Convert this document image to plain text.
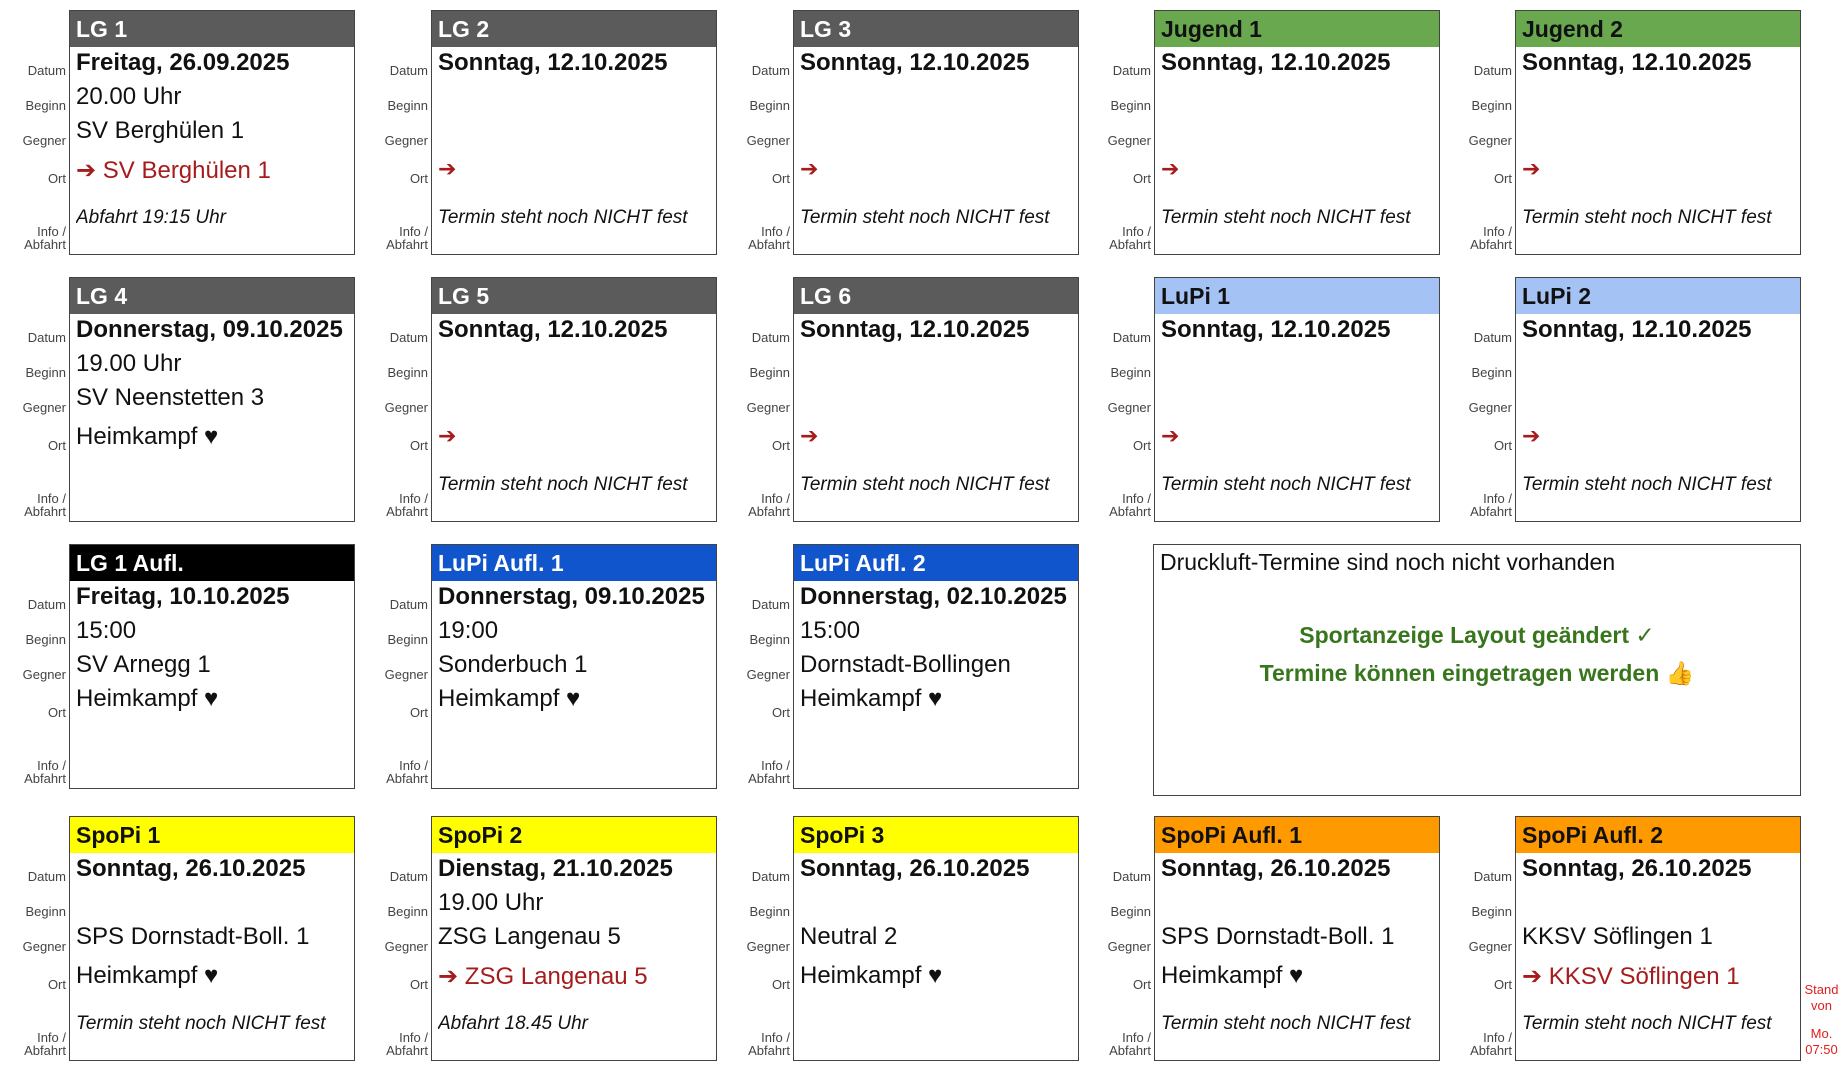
Datum
Beginn
Gegner
Ort
Info /
Abfahrt
LG 1
Freitag, 26.09.2025
20.00 Uhr
SV Berghülen 1
➔ SV Berghülen 1
Abfahrt 19:15 Uhr
Datum
Beginn
Gegner
Ort
Info /
Abfahrt
LG 2
Sonntag, 12.10.2025
➔
Termin steht noch NICHT fest
Datum
Beginn
Gegner
Ort
Info /
Abfahrt
LG 3
Sonntag, 12.10.2025
➔
Termin steht noch NICHT fest
Datum
Beginn
Gegner
Ort
Info /
Abfahrt
Jugend 1
Sonntag, 12.10.2025
➔
Termin steht noch NICHT fest
Datum
Beginn
Gegner
Ort
Info /
Abfahrt
Jugend 2
Sonntag, 12.10.2025
➔
Termin steht noch NICHT fest
Datum
Beginn
Gegner
Ort
Info /
Abfahrt
LG 4
Donnerstag, 09.10.2025
19.00 Uhr
SV Neenstetten 3
Heimkampf ♥
Datum
Beginn
Gegner
Ort
Info /
Abfahrt
LG 5
Sonntag, 12.10.2025
➔
Termin steht noch NICHT fest
Datum
Beginn
Gegner
Ort
Info /
Abfahrt
LG 6
Sonntag, 12.10.2025
➔
Termin steht noch NICHT fest
Datum
Beginn
Gegner
Ort
Info /
Abfahrt
LuPi 1
Sonntag, 12.10.2025
➔
Termin steht noch NICHT fest
Datum
Beginn
Gegner
Ort
Info /
Abfahrt
LuPi 2
Sonntag, 12.10.2025
➔
Termin steht noch NICHT fest
Datum
Beginn
Gegner
Ort
Info /
Abfahrt
LG 1 Aufl.
Freitag, 10.10.2025
15:00
SV Arnegg 1
Heimkampf ♥
Datum
Beginn
Gegner
Ort
Info /
Abfahrt
LuPi Aufl. 1
Donnerstag, 09.10.2025
19:00
Sonderbuch 1
Heimkampf ♥
Datum
Beginn
Gegner
Ort
Info /
Abfahrt
LuPi Aufl. 2
Donnerstag, 02.10.2025
15:00
Dornstadt-Bollingen
Heimkampf ♥
Druckluft-Termine sind noch nicht vorhanden
Sportanzeige Layout geändert ✓
Termine können eingetragen werden 👍
Datum
Beginn
Gegner
Ort
Info /
Abfahrt
SpoPi 1
Sonntag, 26.10.2025
SPS Dornstadt-Boll. 1
Heimkampf ♥
Termin steht noch NICHT fest
Datum
Beginn
Gegner
Ort
Info /
Abfahrt
SpoPi 2
Dienstag, 21.10.2025
19.00 Uhr
ZSG Langenau 5
➔ ZSG Langenau 5
Abfahrt 18.45 Uhr
Datum
Beginn
Gegner
Ort
Info /
Abfahrt
SpoPi 3
Sonntag, 26.10.2025
Neutral 2
Heimkampf ♥
Datum
Beginn
Gegner
Ort
Info /
Abfahrt
SpoPi Aufl. 1
Sonntag, 26.10.2025
SPS Dornstadt-Boll. 1
Heimkampf ♥
Termin steht noch NICHT fest
Datum
Beginn
Gegner
Ort
Info /
Abfahrt
SpoPi Aufl. 2
Sonntag, 26.10.2025
KKSV Söflingen 1
➔ KKSV Söflingen 1
Termin steht noch NICHT fest
Stand
von
Mo.
07:50
